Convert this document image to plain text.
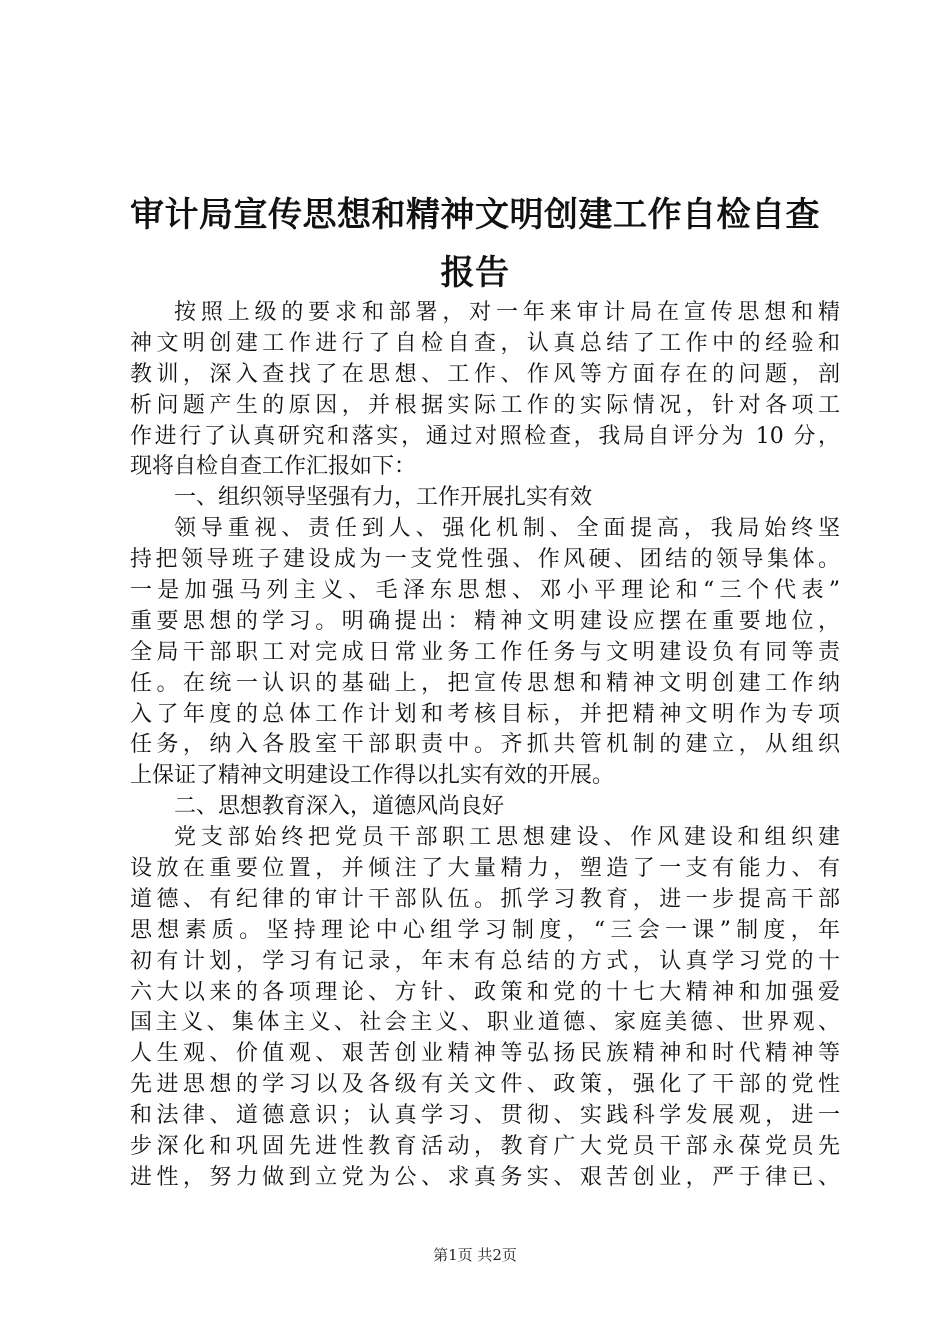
审计局宣传思想和精神文明创建工作自检自查
报告
按照上级的要求和部署，对一年来审计局在宣传思想和精
神文明创建工作进行了自检自查，认真总结了工作中的经验和
教训，深入查找了在思想、工作、作风等方面存在的问题，剖
析问题产生的原因，并根据实际工作的实际情况，针对各项工
作进行了认真研究和落实，通过对照检查，我局自评分为 10 分，
现将自检自查工作汇报如下：
一、组织领导坚强有力，工作开展扎实有效
领导重视、责任到人、强化机制、全面提高，我局始终坚
持把领导班子建设成为一支党性强、作风硬、团结的领导集体。
一是加强马列主义、毛泽东思想、邓小平理论和“三个代表”
重要思想的学习。明确提出：精神文明建设应摆在重要地位，
全局干部职工对完成日常业务工作任务与文明建设负有同等责
任。在统一认识的基础上，把宣传思想和精神文明创建工作纳
入了年度的总体工作计划和考核目标，并把精神文明作为专项
任务，纳入各股室干部职责中。齐抓共管机制的建立，从组织
上保证了精神文明建设工作得以扎实有效的开展。
二、思想教育深入，道德风尚良好
党支部始终把党员干部职工思想建设、作风建设和组织建
设放在重要位置，并倾注了大量精力，塑造了一支有能力、有
道德、有纪律的审计干部队伍。抓学习教育，进一步提高干部
思想素质。坚持理论中心组学习制度，“三会一课”制度，年
初有计划，学习有记录，年末有总结的方式，认真学习党的十
六大以来的各项理论、方针、政策和党的十七大精神和加强爱
国主义、集体主义、社会主义、职业道德、家庭美德、世界观、
人生观、价值观、艰苦创业精神等弘扬民族精神和时代精神等
先进思想的学习以及各级有关文件、政策，强化了干部的党性
和法律、道德意识；认真学习、贯彻、实践科学发展观，进一
步深化和巩固先进性教育活动，教育广大党员干部永葆党员先
进性，努力做到立党为公、求真务实、艰苦创业，严于律已、
第1页 共2页
